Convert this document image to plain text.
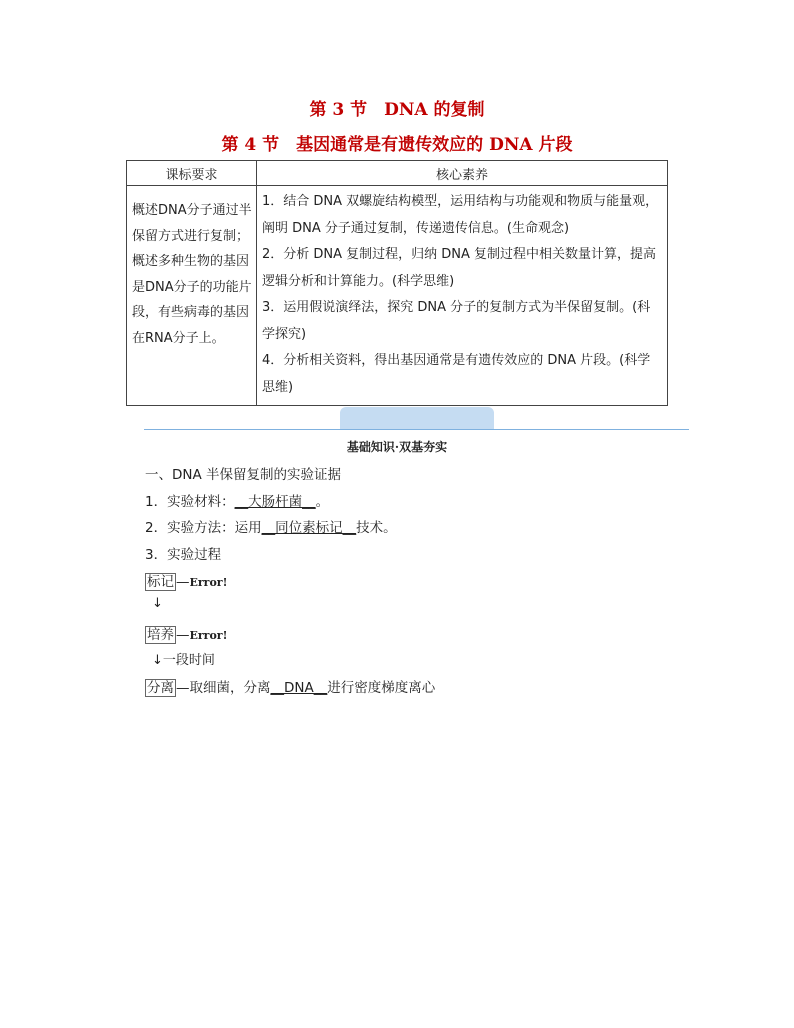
第 3 节　DNA 的复制
第 4 节　基因通常是有遗传效应的 DNA 片段
课标要求	核心素养
概述DNA分子通过半保留方式进行复制；概述多种生物的基因是DNA分子的功能片段，有些病毒的基因在RNA分子上。	1．结合 DNA 双螺旋结构模型，运用结构与功能观和物质与能量观，阐明 DNA 分子通过复制，传递遗传信息。(生命观念)

2．分析 DNA 复制过程，归纳 DNA 复制过程中相关数量计算，提高逻辑分析和计算能力。(科学思维)

3．运用假说演绎法，探究 DNA 分子的复制方式为半保留复制。(科学探究)

4．分析相关资料，得出基因通常是有遗传效应的 DNA 片段。(科学思维)

基础知识·双基夯实
一、DNA 半保留复制的实验证据
1．实验材料：__大肠杆菌__。
2．实验方法：运用__同位素标记__技术。
3．实验过程
标记 —Error!
↓
培养 —Error!
↓一段时间
分离 —取细菌，分离__DNA__进行密度梯度离心
